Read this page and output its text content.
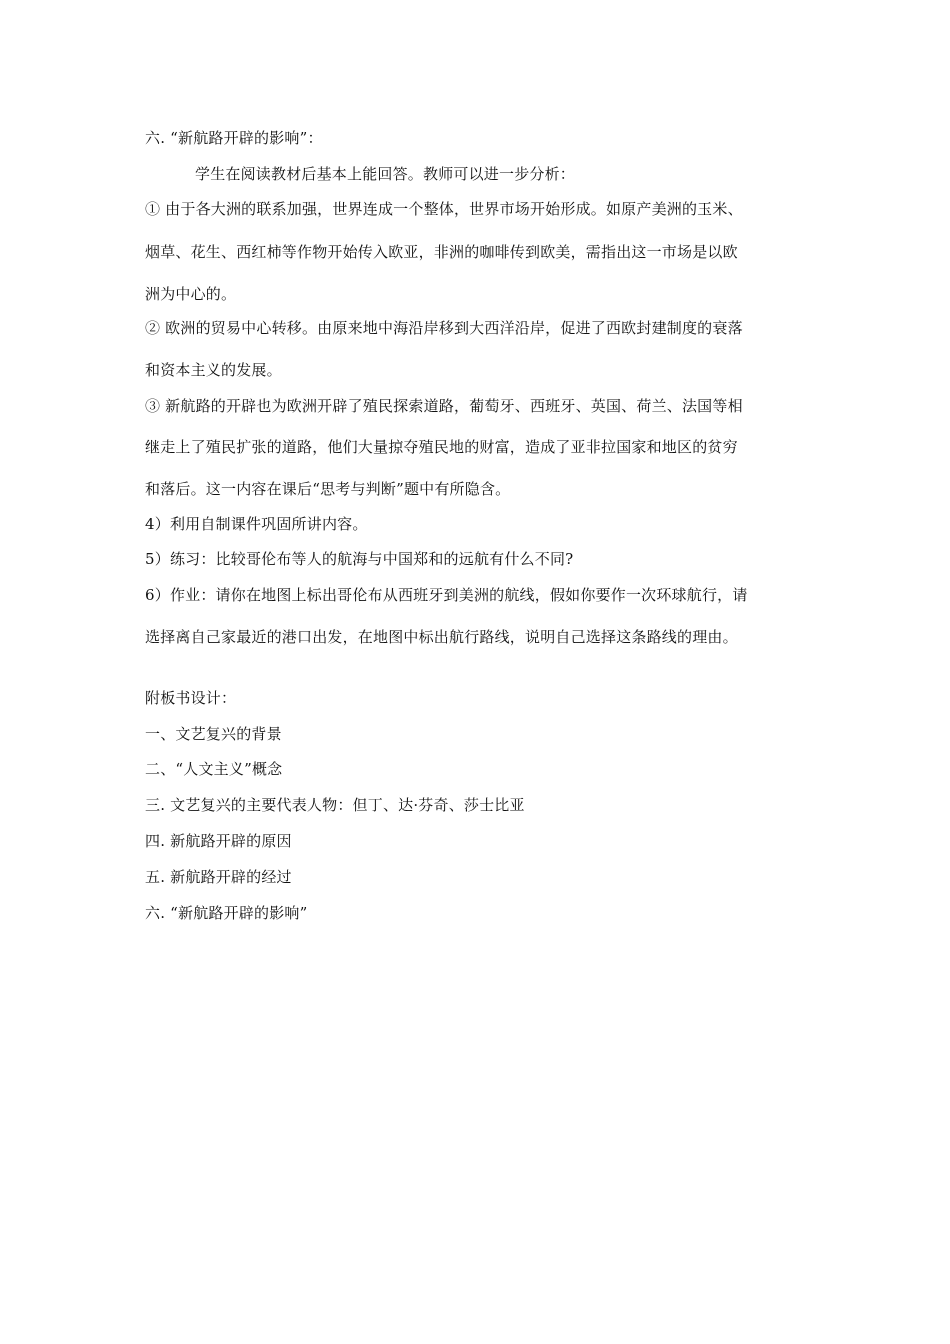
六. “新航路开辟的影响”：
学生在阅读教材后基本上能回答。教师可以进一步分析：
① 由于各大洲的联系加强，世界连成一个整体，世界市场开始形成。如原产美洲的玉米、
烟草、花生、西红柿等作物开始传入欧亚，非洲的咖啡传到欧美，需指出这一市场是以欧
洲为中心的。
② 欧洲的贸易中心转移。由原来地中海沿岸移到大西洋沿岸，促进了西欧封建制度的衰落
和资本主义的发展。
③ 新航路的开辟也为欧洲开辟了殖民探索道路，葡萄牙、西班牙、英国、荷兰、法国等相
继走上了殖民扩张的道路，他们大量掠夺殖民地的财富，造成了亚非拉国家和地区的贫穷
和落后。这一内容在课后“思考与判断”题中有所隐含。
4）利用自制课件巩固所讲内容。
5）练习：比较哥伦布等人的航海与中国郑和的远航有什么不同?
6）作业：请你在地图上标出哥伦布从西班牙到美洲的航线，假如你要作一次环球航行，请
选择离自己家最近的港口出发，在地图中标出航行路线，说明自己选择这条路线的理由。
附板书设计：
一、文艺复兴的背景
二、“人文主义”概念
三. 文艺复兴的主要代表人物：但丁、达·芬奇、莎士比亚
四. 新航路开辟的原因
五. 新航路开辟的经过
六. “新航路开辟的影响”
